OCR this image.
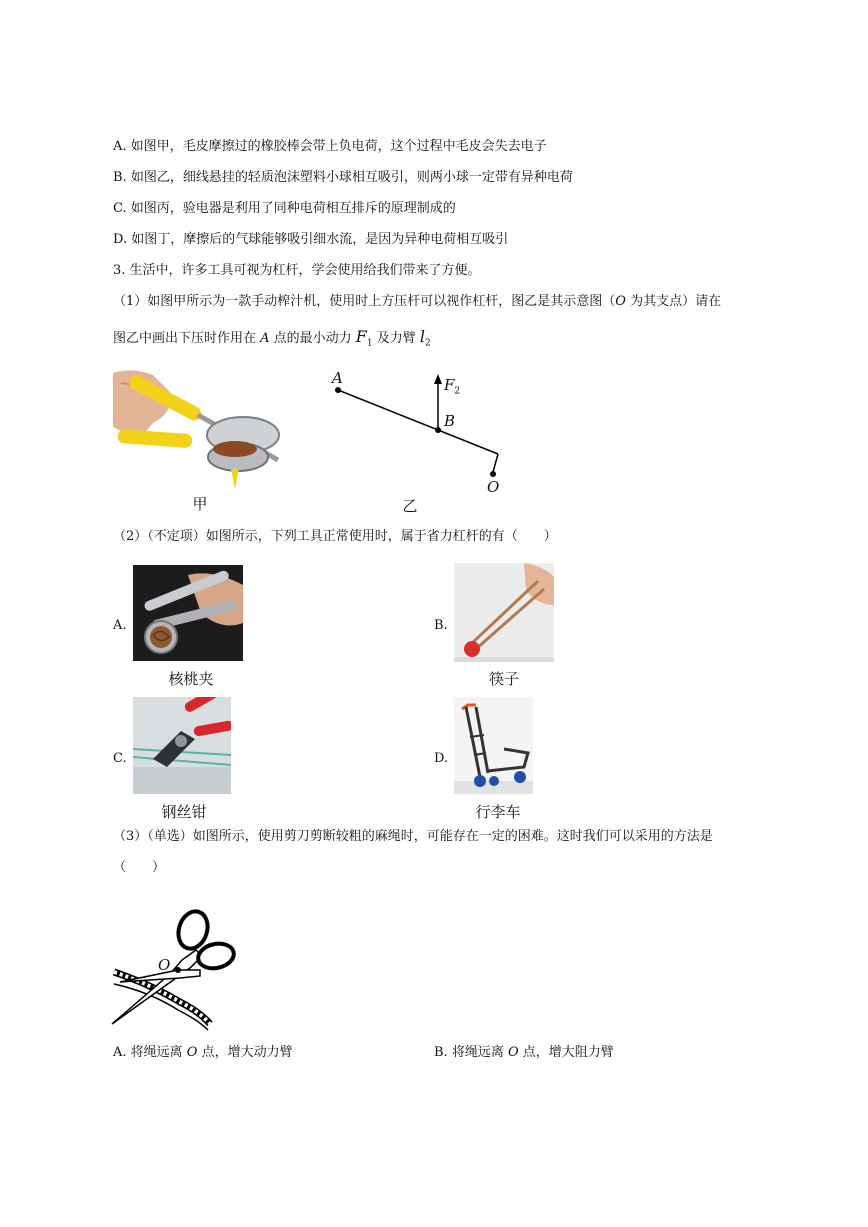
A. 如图甲，毛皮摩擦过的橡胶棒会带上负电荷，这个过程中毛皮会失去电子
B. 如图乙，细线悬挂的轻质泡沫塑料小球相互吸引，则两小球一定带有异种电荷
C. 如图丙，验电器是利用了同种电荷相互排斥的原理制成的
D. 如图丁，摩擦后的气球能够吸引细水流，是因为异种电荷相互吸引
3. 生活中，许多工具可视为杠杆，学会使用给我们带来了方便。
（1）如图甲所示为一款手动榨汁机，使用时上方压杆可以视作杠杆，图乙是其示意图（O 为其支点）请在
图乙中画出下压时作用在 A 点的最小动力 $F_1$ 及力臂 $l_2$
甲
A
B
O
$F_2$
乙
（2）（不定项）如图所示，下列工具正常使用时，属于省力杠杆的有（　　）
A.
核桃夹
B.
筷子
C.
钢丝钳
D.
行李车
（3）（单选）如图所示，使用剪刀剪断较粗的麻绳时，可能存在一定的困难。这时我们可以采用的方法是
（　　）
O
A. 将绳远离 O 点，增大动力臂	B. 将绳远离 O 点，增大阻力臂
